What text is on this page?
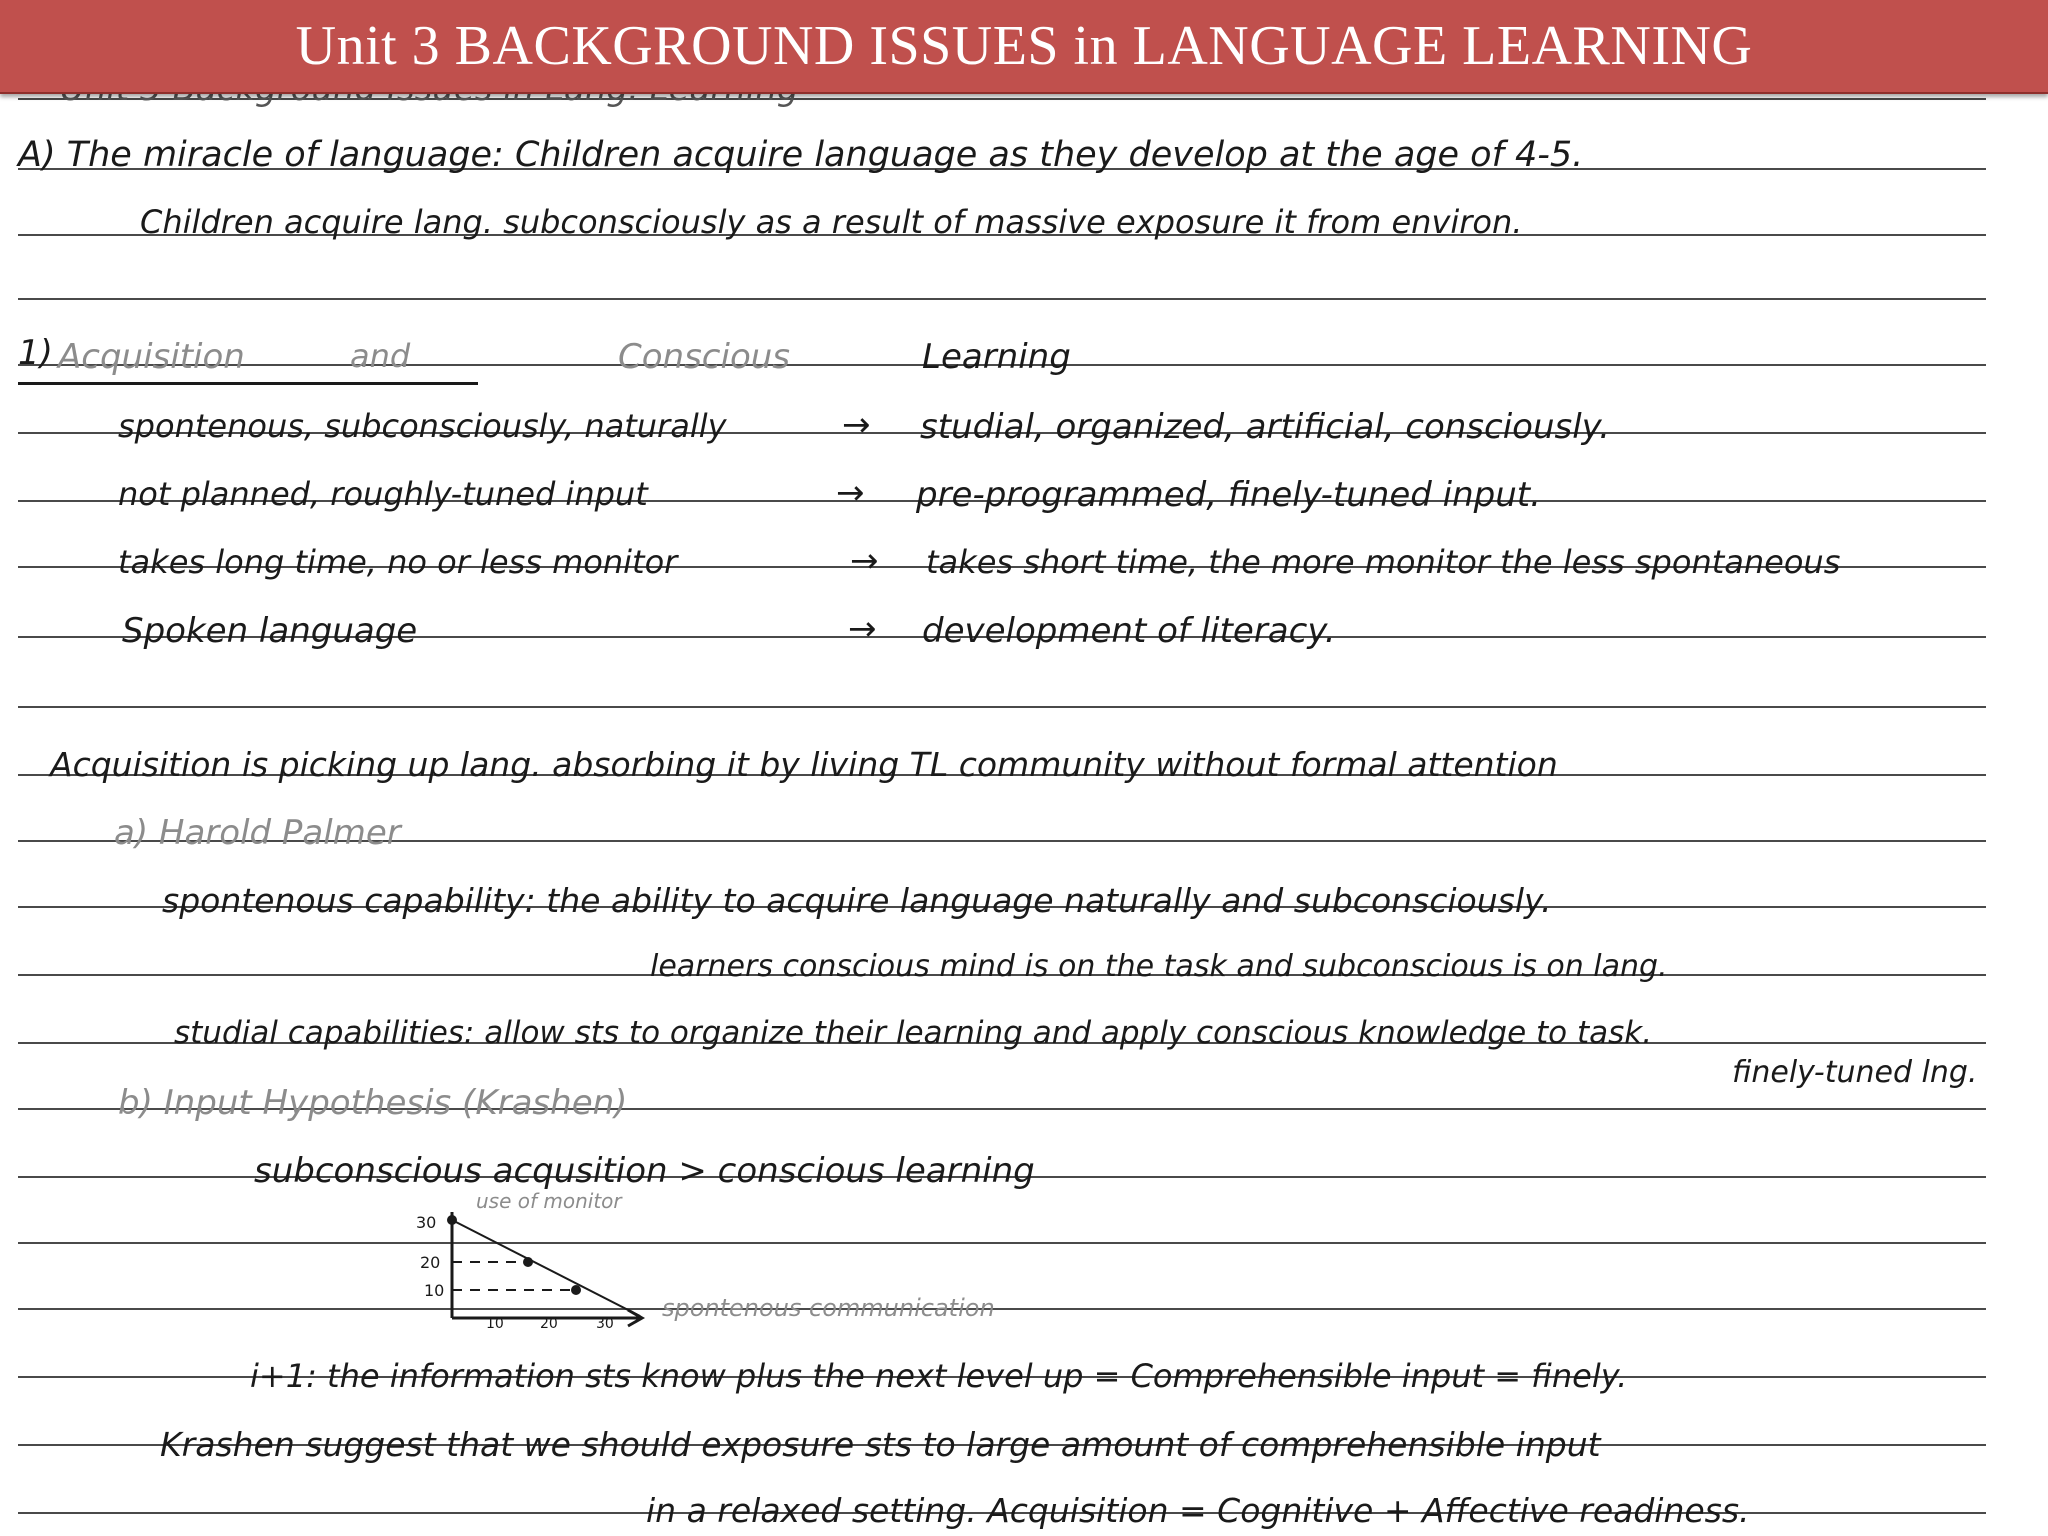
Unit 3 BACKGROUND ISSUES in LANGUAGE LEARNING
A) The miracle of language: Children acquire language as they develop at the age of 4-5.
Children acquire lang. subconsciously as a result of massive exposure it from environ.
1) Acquisition	and	Conscious	Learning
spontenous, subconsciously, naturally	→ studial, organized, artificial, consciously.
not planned, roughly-tuned input	→ pre-programmed, finely-tuned input.
takes long time, no or less monitor	→ takes short time, the more monitor the less spontaneous
Spoken language	→ development of literacy.
Acquisition is picking up lang. absorbing it by living TL community without formal attention
a) Harold Palmer
spontenous capability: the ability to acquire language naturally and subconsciously.
learners conscious mind is on the task and subconscious is on lang.
studial capabilities: allow sts to organize their learning and apply conscious knowledge to task.
finely-tuned lng.
b) Input Hypothesis (Krashen)
subconscious acqusition > conscious learning
use of monitor
30
20
10
10	20	30
spontenous communication
i+1: the information sts know plus the next level up = Comprehensible input = finely.
Krashen suggest that we should exposure sts to large amount of comprehensible input
in a relaxed setting. Acquisition = Cognitive + Affective readiness.
